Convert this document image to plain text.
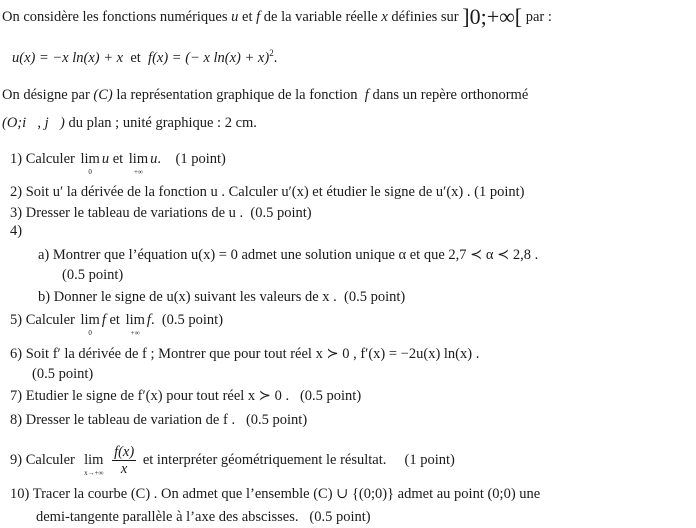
On considère les fonctions numériques u et f de la variable réelle x définies sur ]0;+∞[ par :
u(x) = −x ln(x) + x et f(x) = (− x ln(x) + x)$^2$.
On désigne par (C) la représentation graphique de la fonction f dans un repère orthonormé
(O;i⃗, j⃗) du plan ; unité graphique : 2 cm.
1) Calculer lim
0
u et lim
+∞
u. (1 point)
2) Soit u′ la dérivée de la fonction u . Calculer u′(x) et étudier le signe de u′(x) . (1 point)
3) Dresser le tableau de variations de u . (0.5 point)
4)
a) Montrer que l’équation u(x) = 0 admet une solution unique α et que 2,7 ≺ α ≺ 2,8 .
(0.5 point)
b) Donner le signe de u(x) suivant les valeurs de x . (0.5 point)
5) Calculer lim
0
f et lim
+∞
f. (0.5 point)
6) Soit f′ la dérivée de f ; Montrer que pour tout réel x ≻ 0 , f′(x) = −2u(x) ln(x) .
(0.5 point)
7) Etudier le signe de f′(x) pour tout réel x ≻ 0 . (0.5 point)
8) Dresser le tableau de variation de f . (0.5 point)
9) Calculer lim
x→+∞
$\frac{f(x)}{x}$ et interpréter géométriquement le résultat. (1 point)
10) Tracer la courbe (C) . On admet que l’ensemble (C) ∪ {(0;0)} admet au point (0;0) une
demi-tangente parallèle à l’axe des abscisses. (0.5 point)
